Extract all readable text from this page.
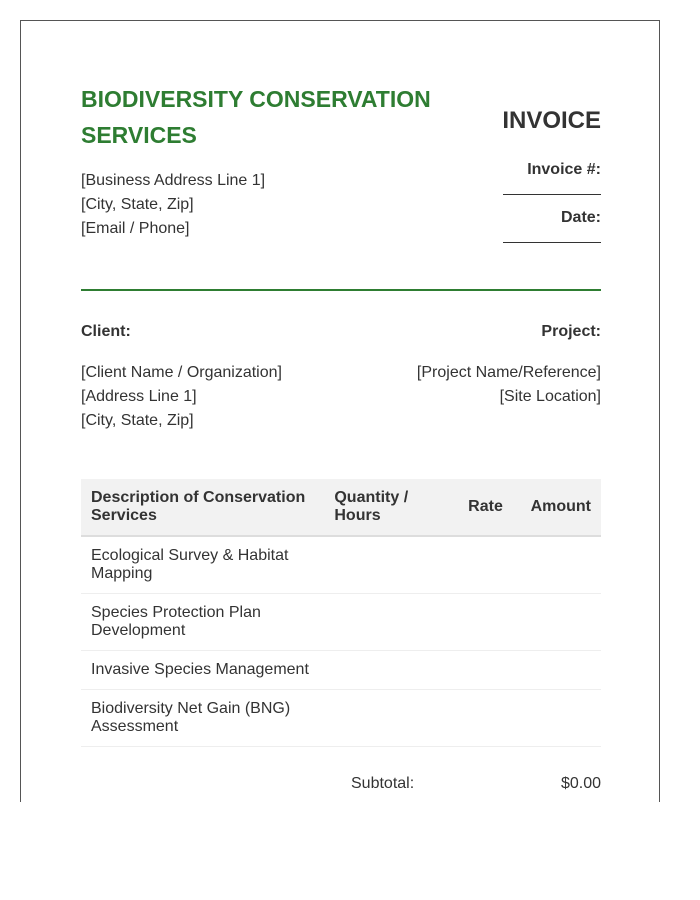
BIODIVERSITY CONSERVATION SERVICES
[Business Address Line 1]
[City, State, Zip]
[Email / Phone]
INVOICE
Invoice #:
Date:
Client:	Project:
[Client Name / Organization]
[Address Line 1]
[City, State, Zip]
[Project Name/Reference]
[Site Location]
Description of Conservation Services	Quantity / Hours	Rate	Amount
Ecological Survey & Habitat Mapping			
Species Protection Plan Development			
Invasive Species Management			
Biodiversity Net Gain (BNG) Assessment			
Subtotal:	$0.00
